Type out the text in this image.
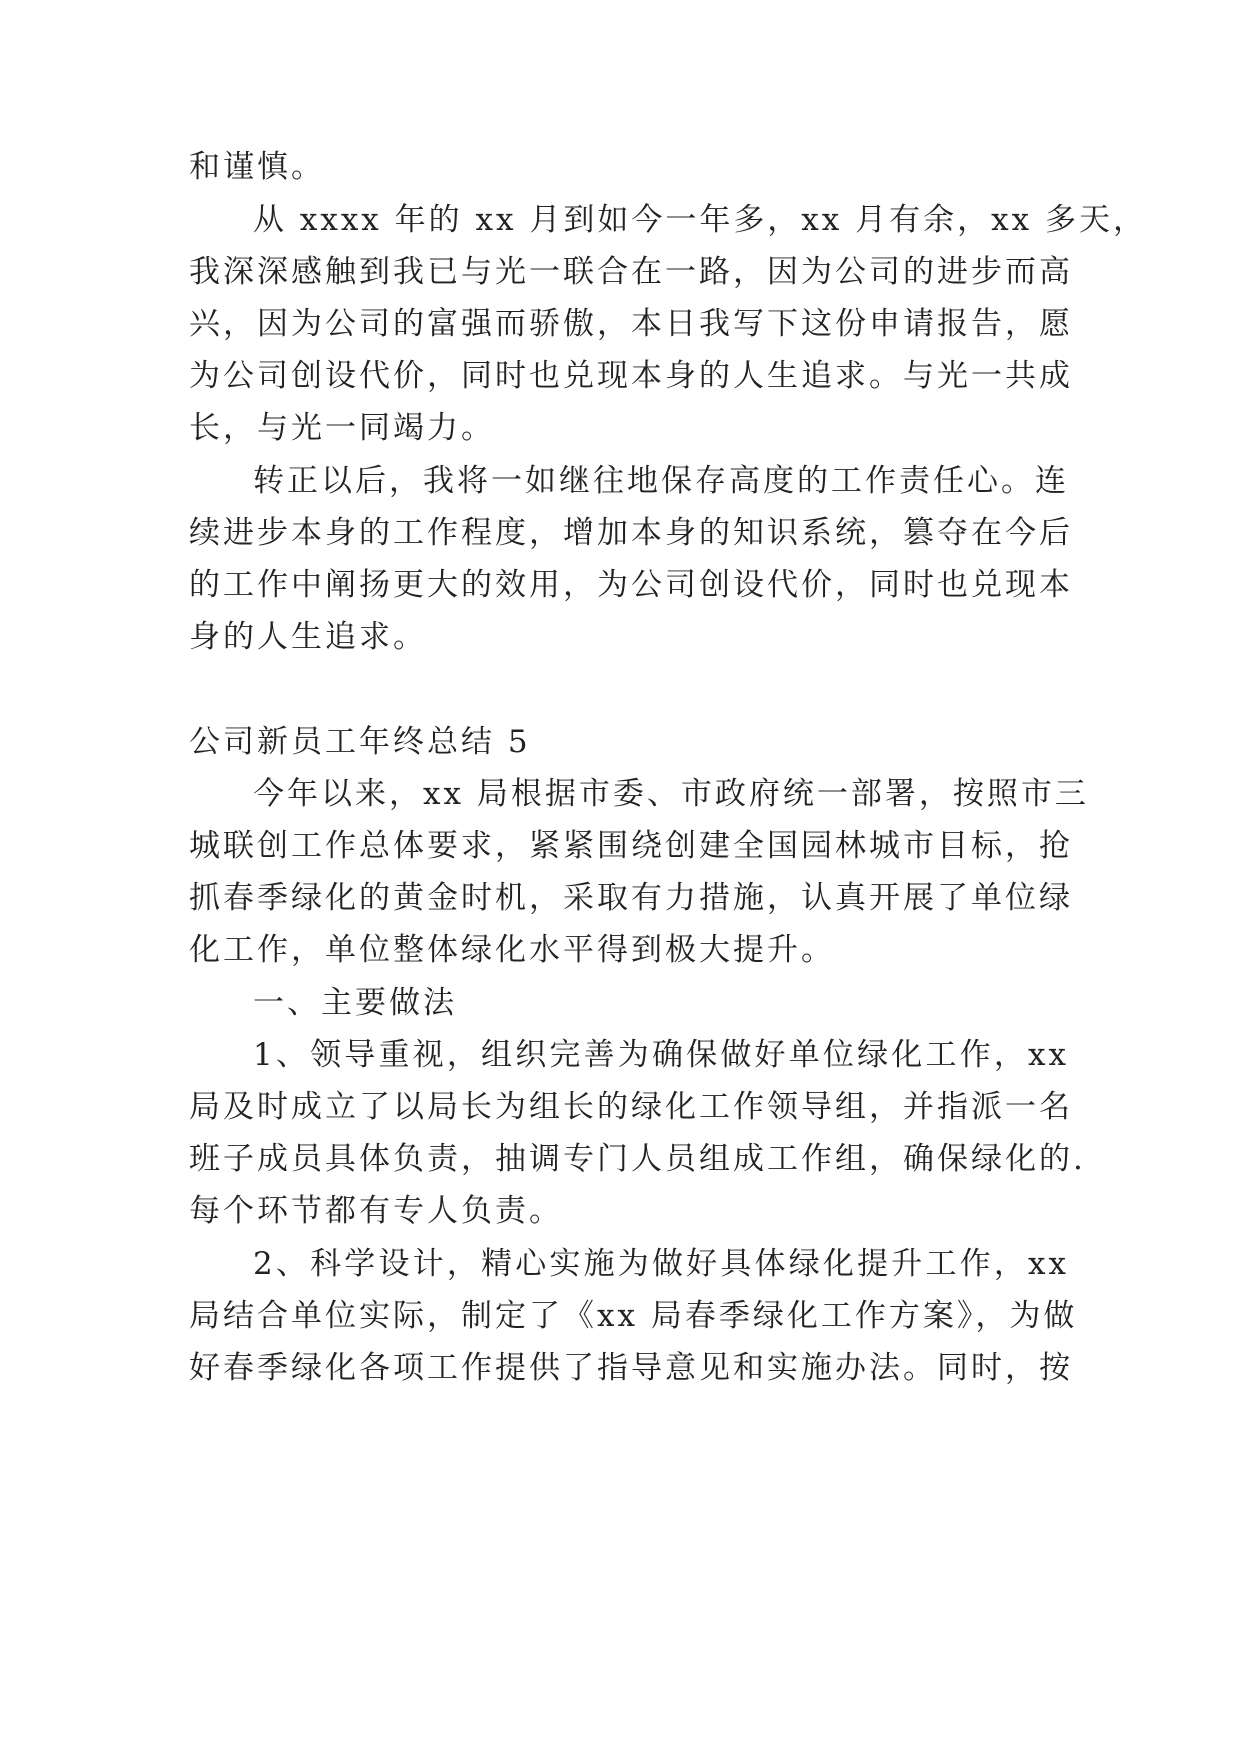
和谨慎。
从 xxxx 年的 xx 月到如今一年多，xx 月有余，xx 多天，
我深深感触到我已与光一联合在一路，因为公司的进步而高
兴，因为公司的富强而骄傲，本日我写下这份申请报告，愿
为公司创设代价，同时也兑现本身的人生追求。与光一共成
长，与光一同竭力。
转正以后，我将一如继往地保存高度的工作责任心。连
续进步本身的工作程度，增加本身的知识系统，篡夺在今后
的工作中阐扬更大的效用，为公司创设代价，同时也兑现本
身的人生追求。
公司新员工年终总结 5
今年以来，xx 局根据市委、市政府统一部署，按照市三
城联创工作总体要求，紧紧围绕创建全国园林城市目标，抢
抓春季绿化的黄金时机，采取有力措施，认真开展了单位绿
化工作，单位整体绿化水平得到极大提升。
一、主要做法
1、领导重视，组织完善为确保做好单位绿化工作，xx
局及时成立了以局长为组长的绿化工作领导组，并指派一名
班子成员具体负责，抽调专门人员组成工作组，确保绿化的.
每个环节都有专人负责。
2、科学设计，精心实施为做好具体绿化提升工作，xx
局结合单位实际，制定了《xx 局春季绿化工作方案》，为做
好春季绿化各项工作提供了指导意见和实施办法。同时，按
